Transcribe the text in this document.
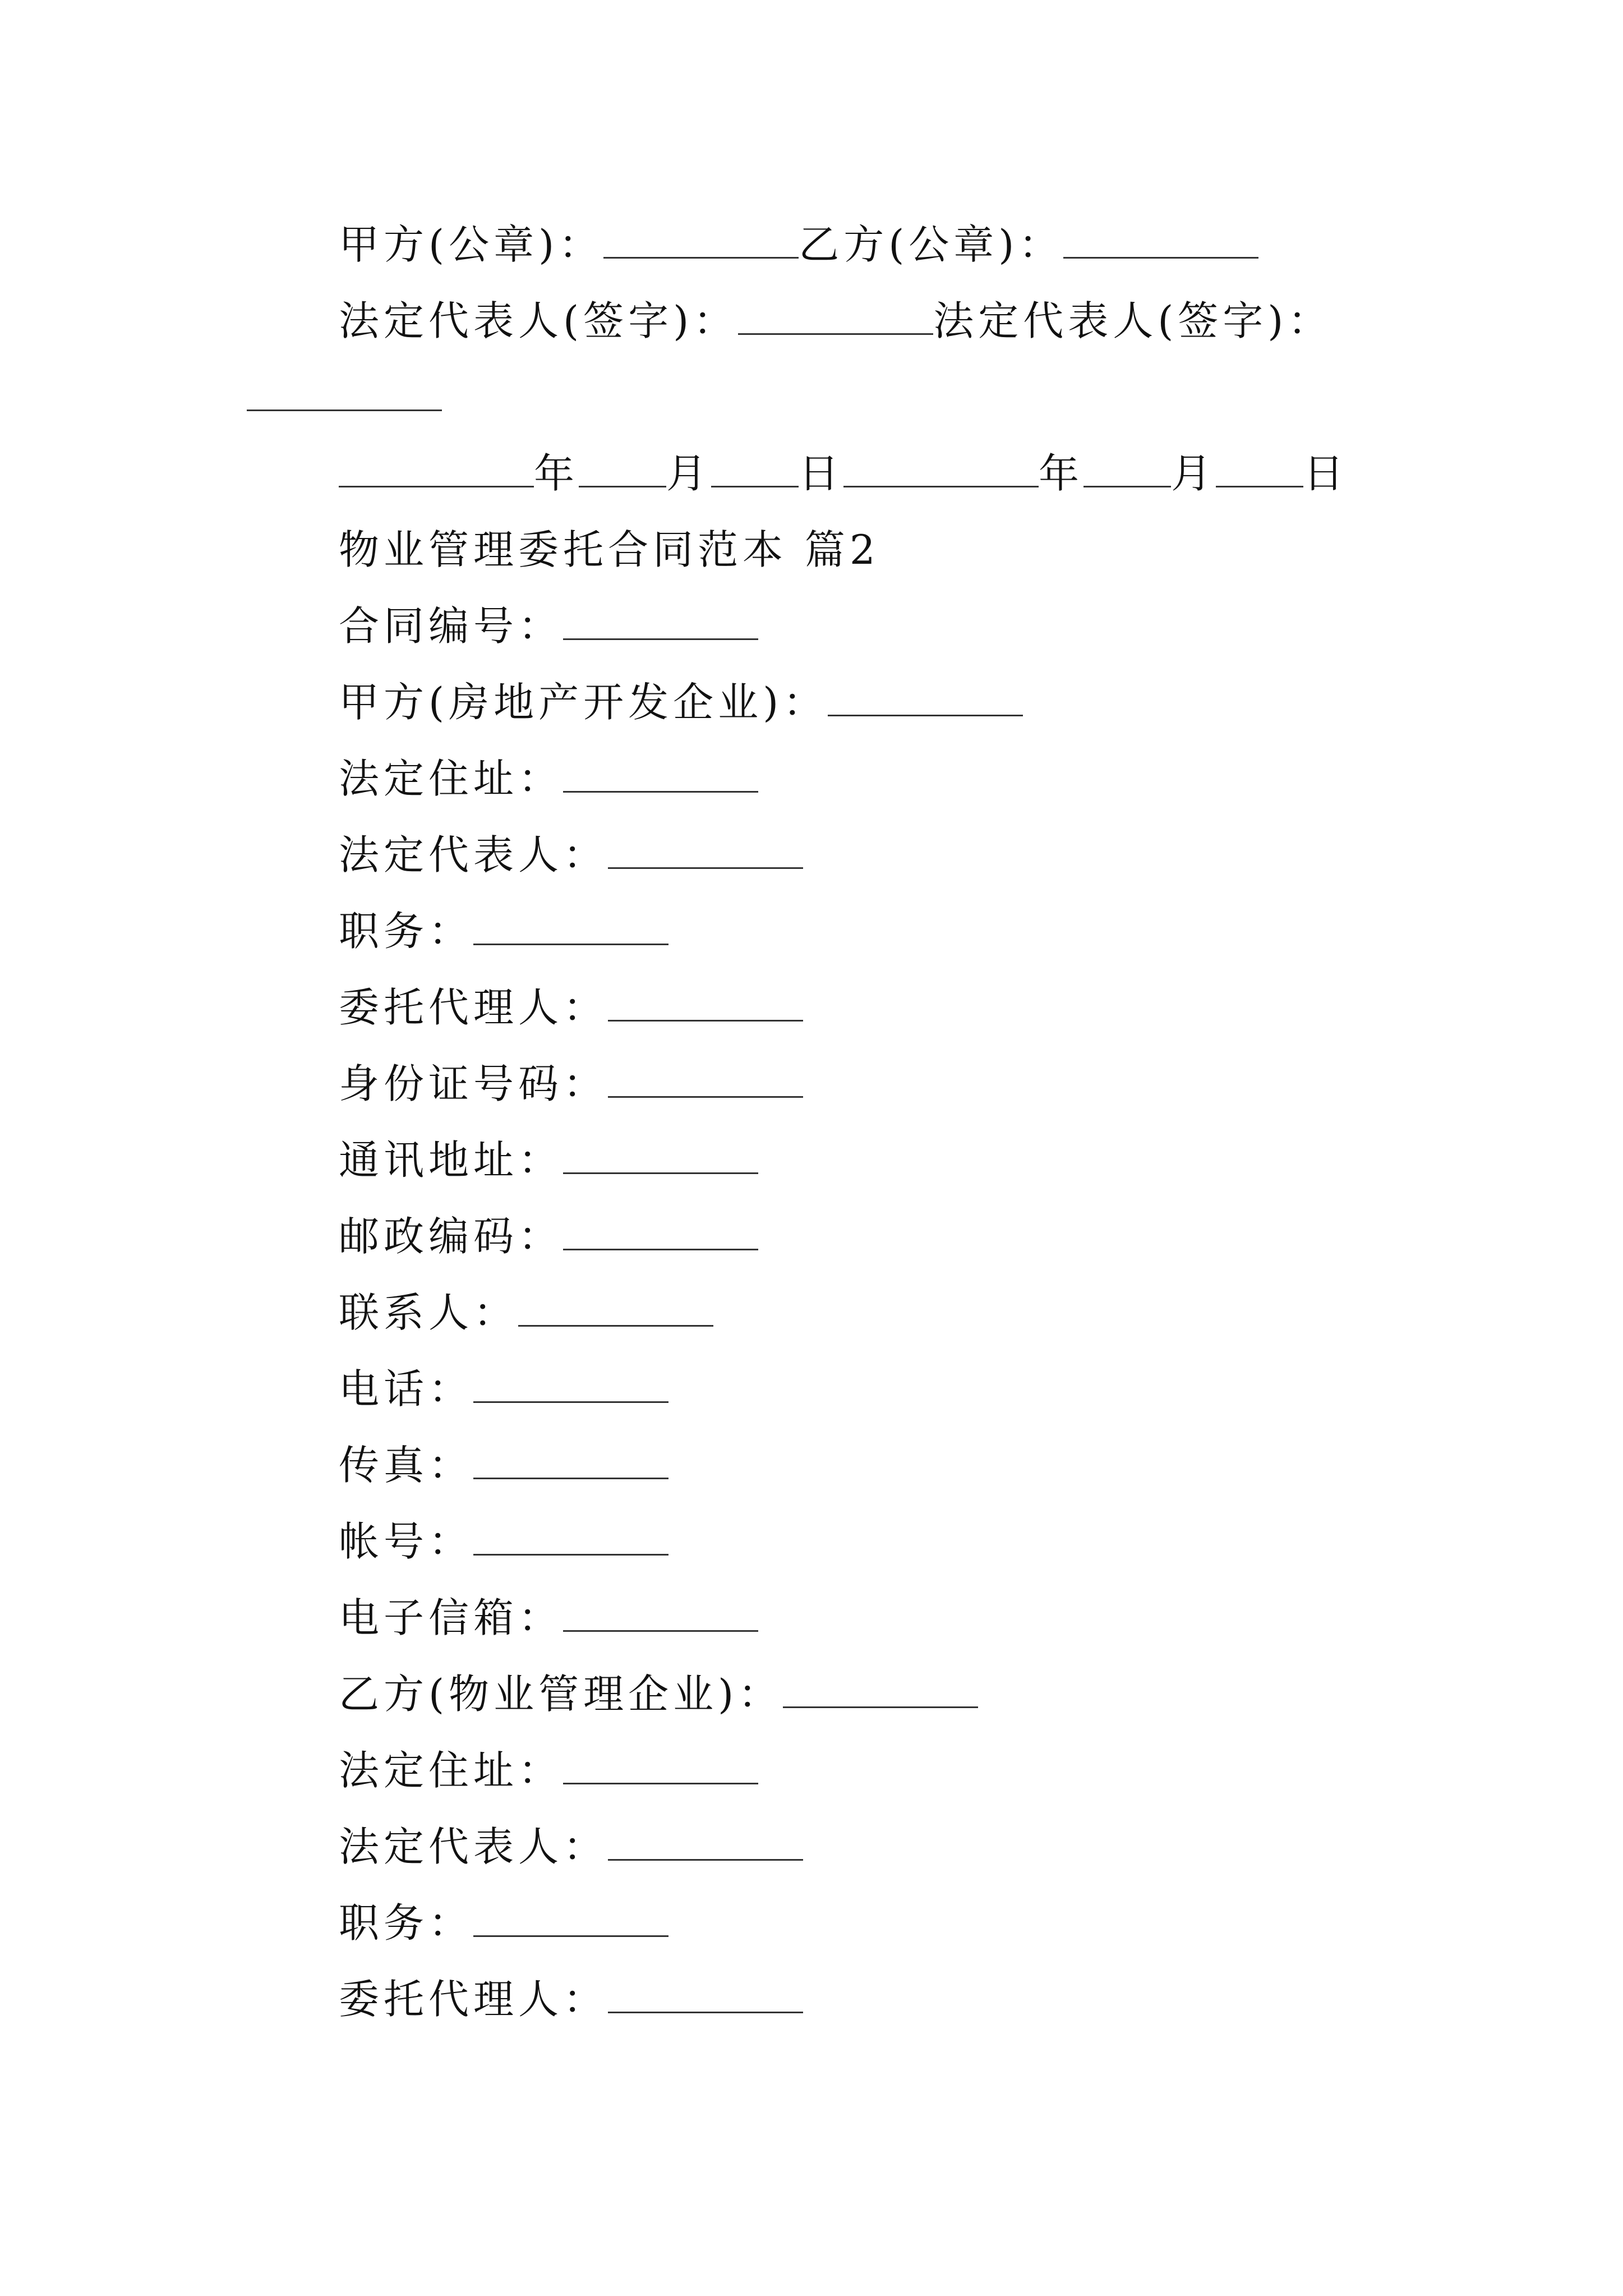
甲方(公章)：	乙方(公章)：
法定代表人(签字)：	法定代表人(签字)：
年 月 日	年 月 日
物业管理委托合同范本 篇2
合同编号：
甲方(房地产开发企业)：
法定住址：
法定代表人：
职务：
委托代理人：
身份证号码：
通讯地址：
邮政编码：
联系人：
电话：
传真：
帐号：
电子信箱：
乙方(物业管理企业)：
法定住址：
法定代表人：
职务：
委托代理人：
